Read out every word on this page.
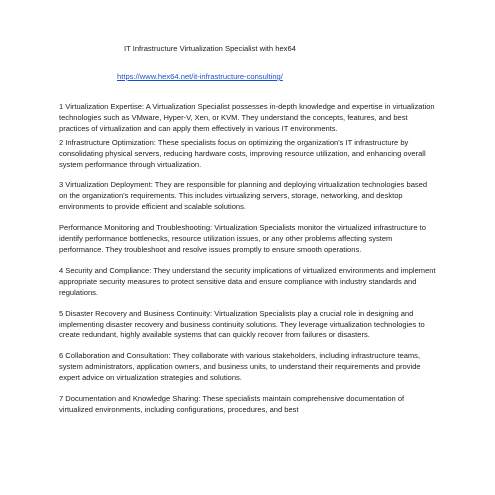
IT Infrastructure Virtualization Specialist with hex64
https://www.hex64.net/it-infrastructure-consulting/

1 Virtualization Expertise: A Virtualization Specialist possesses in-depth knowledge and expertise in virtualization technologies such as VMware, Hyper-V, Xen, or KVM. They understand the concepts, features, and best practices of virtualization and can apply them effectively in various IT environments.

2 Infrastructure Optimization: These specialists focus on optimizing the organization's IT infrastructure by consolidating physical servers, reducing hardware costs, improving resource utilization, and enhancing overall system performance through virtualization.

3 Virtualization Deployment: They are responsible for planning and deploying virtualization technologies based on the organization's requirements. This includes virtualizing servers, storage, networking, and desktop environments to provide efficient and scalable solutions.

Performance Monitoring and Troubleshooting: Virtualization Specialists monitor the virtualized infrastructure to identify performance bottlenecks, resource utilization issues, or any other problems affecting system performance. They troubleshoot and resolve issues promptly to ensure smooth operations.

4 Security and Compliance: They understand the security implications of virtualized environments and implement appropriate security measures to protect sensitive data and ensure compliance with industry standards and regulations.

5 Disaster Recovery and Business Continuity: Virtualization Specialists play a crucial role in designing and implementing disaster recovery and business continuity solutions. They leverage virtualization technologies to create redundant, highly available systems that can quickly recover from failures or disasters.

6 Collaboration and Consultation: They collaborate with various stakeholders, including infrastructure teams, system administrators, application owners, and business units, to understand their requirements and provide expert advice on virtualization strategies and solutions.

7 Documentation and Knowledge Sharing: These specialists maintain comprehensive documentation of virtualized environments, including configurations, procedures, and best
